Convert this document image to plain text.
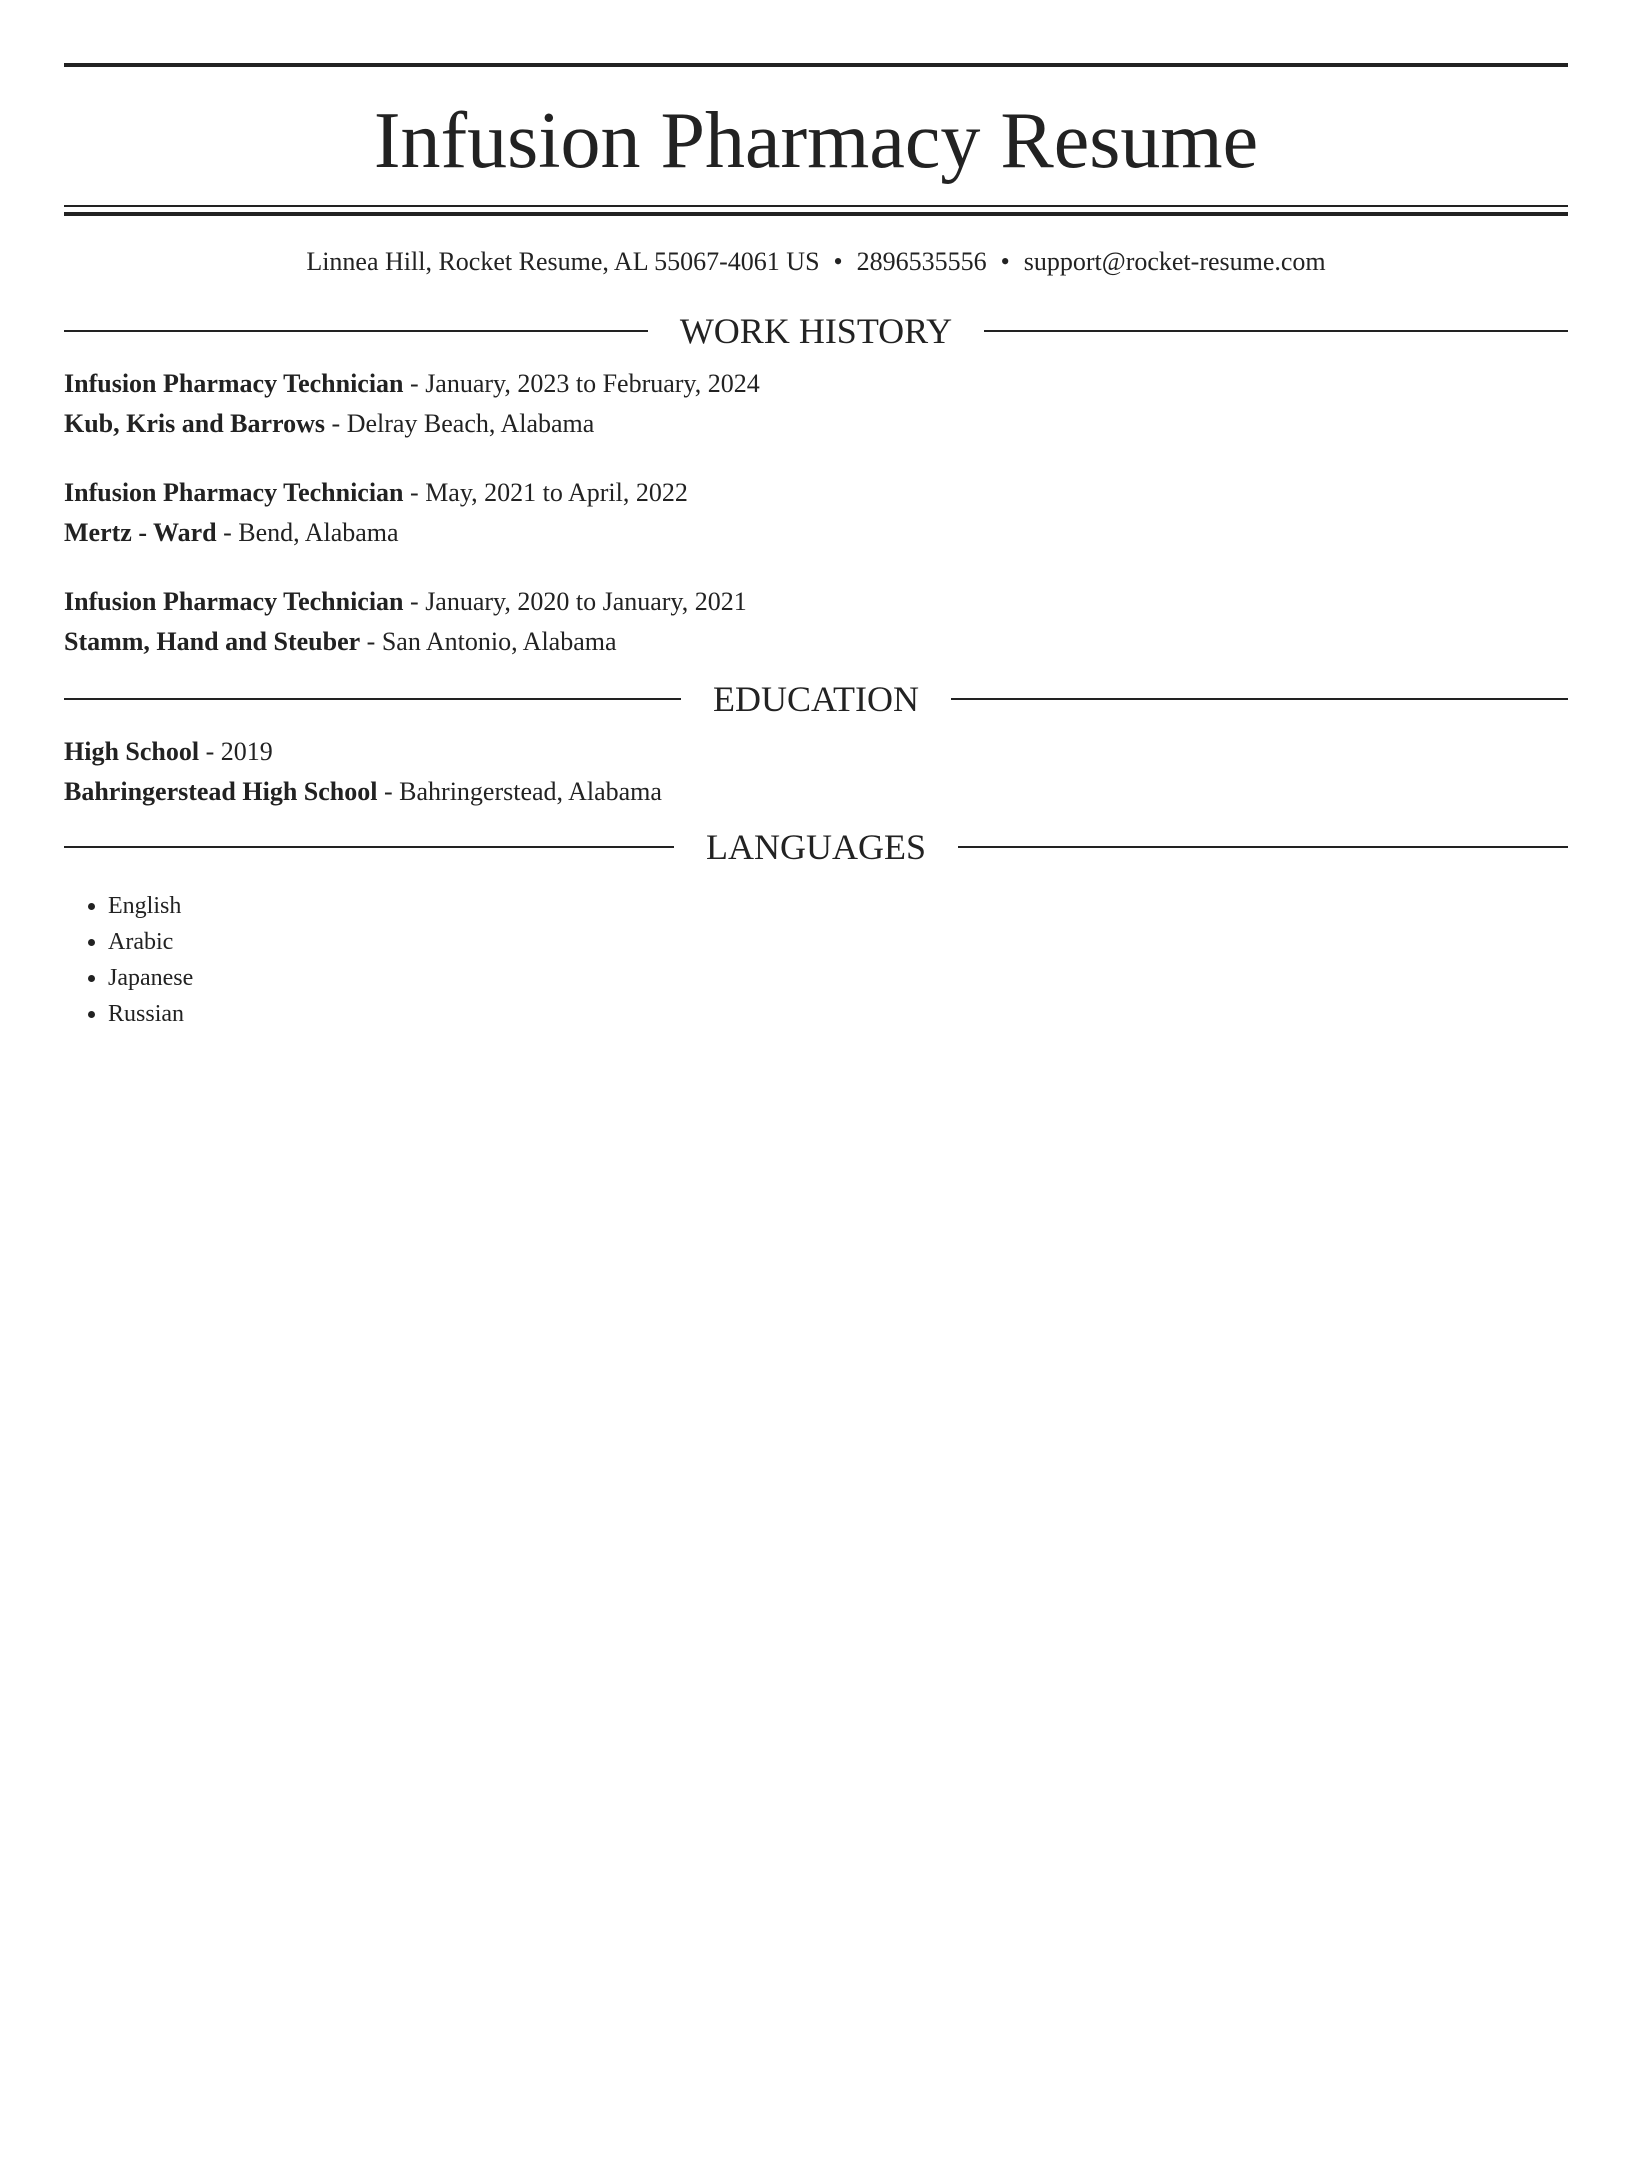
Infusion Pharmacy Resume
Linnea Hill, Rocket Resume, AL 55067-4061 US • 2896535556 • support@rocket-resume.com
WORK HISTORY
Infusion Pharmacy Technician - January, 2023 to February, 2024
Kub, Kris and Barrows - Delray Beach, Alabama
Infusion Pharmacy Technician - May, 2021 to April, 2022
Mertz - Ward - Bend, Alabama
Infusion Pharmacy Technician - January, 2020 to January, 2021
Stamm, Hand and Steuber - San Antonio, Alabama
EDUCATION
High School - 2019
Bahringerstead High School - Bahringerstead, Alabama
LANGUAGES
• English
• Arabic
• Japanese
• Russian
